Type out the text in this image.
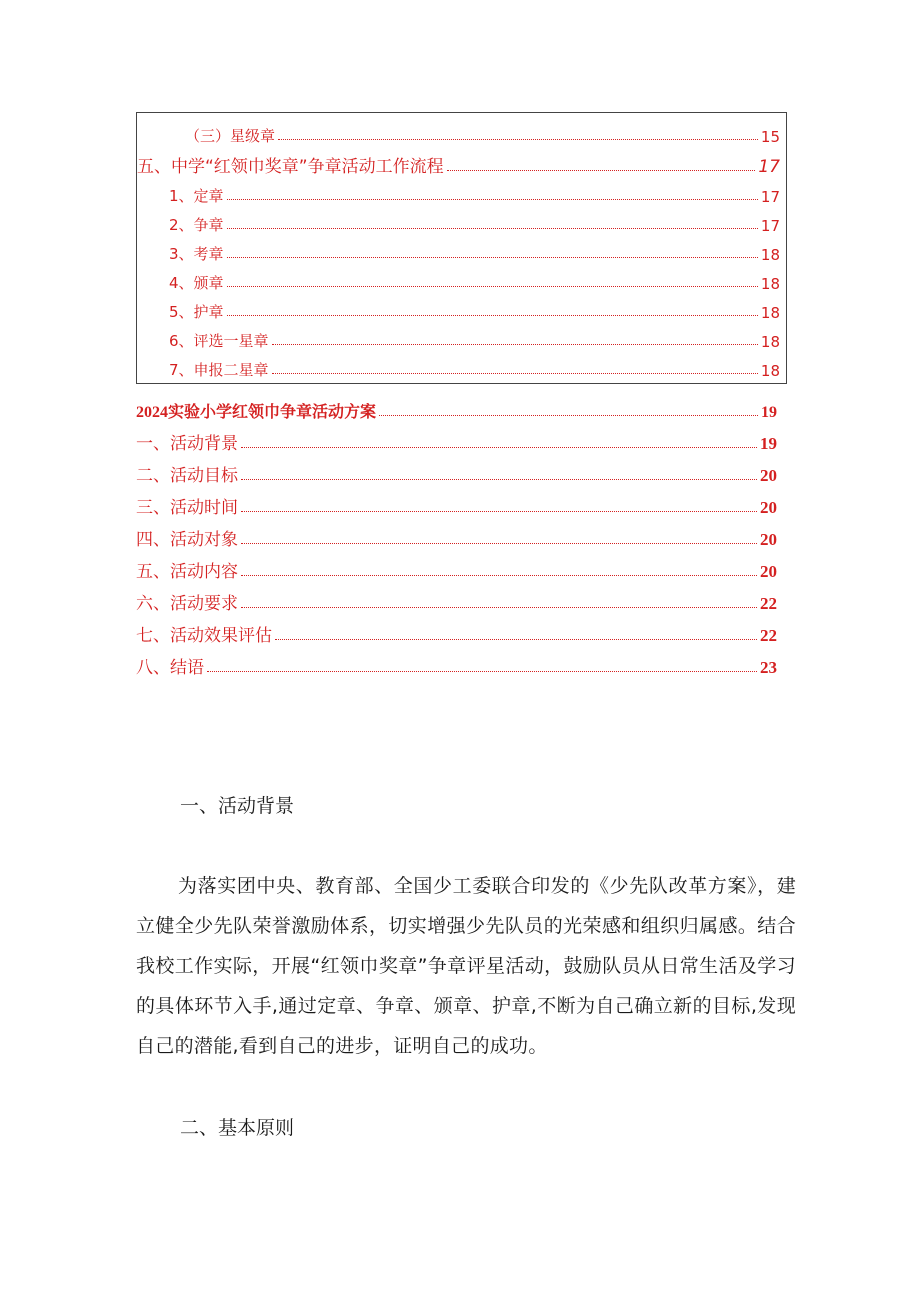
（三）星级章	15
五、中学“红领巾奖章”争章活动工作流程	17
1、定章	17
2、争章	17
3、考章	18
4、颁章	18
5、护章	18
6、评选一星章	18
7、申报二星章	18
2024实验小学红领巾争章活动方案	19
一、活动背景	19
二、活动目标	20
三、活动时间	20
四、活动对象	20
五、活动内容	20
六、活动要求	22
七、活动效果评估	22
八、结语	23
一、活动背景
为落实团中央、教育部、全国少工委联合印发的《少先队改革方案》，建立健全少先队荣誉激励体系，切实增强少先队员的光荣感和组织归属感。结合我校工作实际，开展“红领巾奖章”争章评星活动，鼓励队员从日常生活及学习的具体环节入手,通过定章、争章、颁章、护章,不断为自己确立新的目标,发现自己的潜能,看到自己的进步，证明自己的成功。
二、基本原则
